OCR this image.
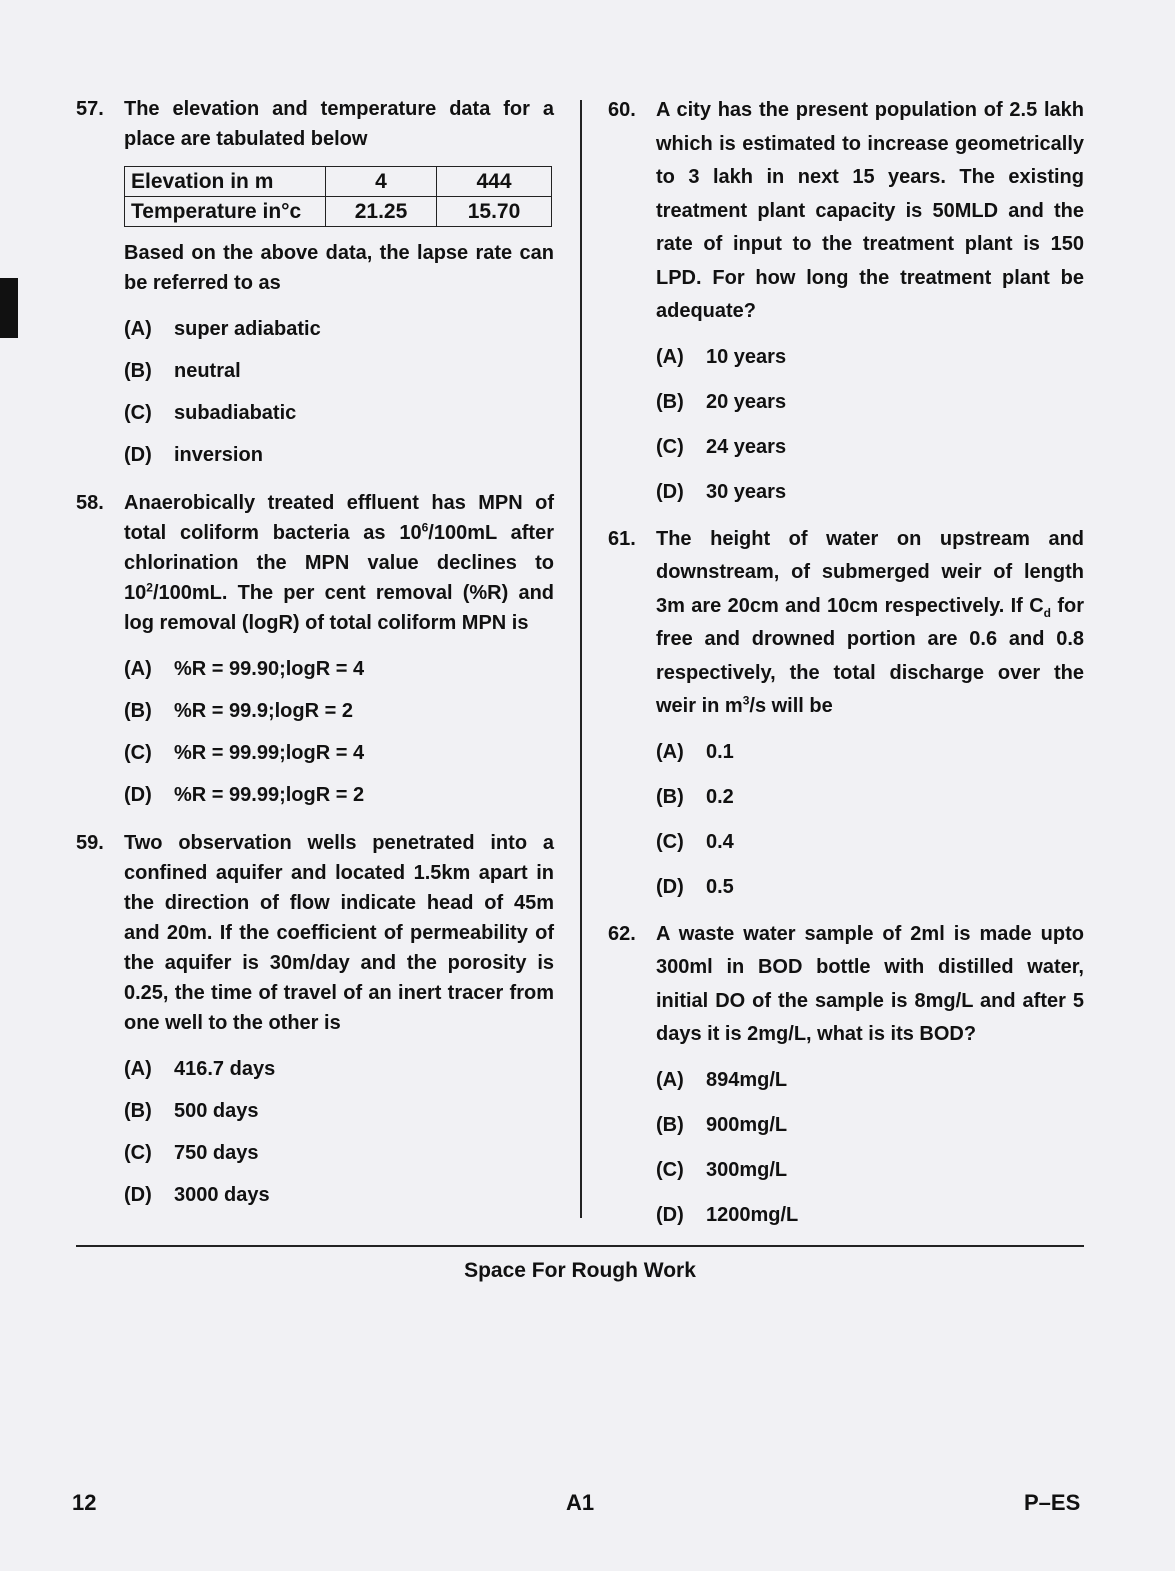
57. The elevation and temperature data for a place are tabulated below
Elevation in m	4	444
Temperature in°c	21.25	15.70
Based on the above data, the lapse rate can be referred to as
(A)	super adiabatic
(B)	neutral
(C)	subadiabatic
(D)	inversion
58. Anaerobically treated effluent has MPN of total coliform bacteria as $10^6/100mL$ after chlorination the MPN value declines to $10^2/100mL$. The per cent removal (%R) and log removal (logR) of total coliform MPN is
(A)	%R = 99.90;logR = 4
(B)	%R = 99.9;logR = 2
(C)	%R = 99.99;logR = 4
(D)	%R = 99.99;logR = 2
59. Two observation wells penetrated into a confined aquifer and located 1.5km apart in the direction of flow indicate head of 45m and 20m. If the coefficient of permeability of the aquifer is 30m/day and the porosity is 0.25, the time of travel of an inert tracer from one well to the other is
(A)	416.7 days
(B)	500 days
(C)	750 days
(D)	3000 days
60. A city has the present population of 2.5 lakh which is estimated to increase geometrically to 3 lakh in next 15 years. The existing treatment plant capacity is 50MLD and the rate of input to the treatment plant is 150 LPD. For how long the treatment plant be adequate?
(A)	10 years
(B)	20 years
(C)	24 years
(D)	30 years
61. The height of water on upstream and downstream, of submerged weir of length 3m are 20cm and 10cm respectively. If $C_d$ for free and drowned portion are 0.6 and 0.8 respectively, the total discharge over the weir in $m^3/s$ will be
(A)	0.1
(B)	0.2
(C)	0.4
(D)	0.5
62. A waste water sample of 2ml is made upto 300ml in BOD bottle with distilled water, initial DO of the sample is 8mg/L and after 5 days it is 2mg/L, what is its BOD?
(A)	894mg/L
(B)	900mg/L
(C)	300mg/L
(D)	1200mg/L
Space For Rough Work
12	A1	P–ES
